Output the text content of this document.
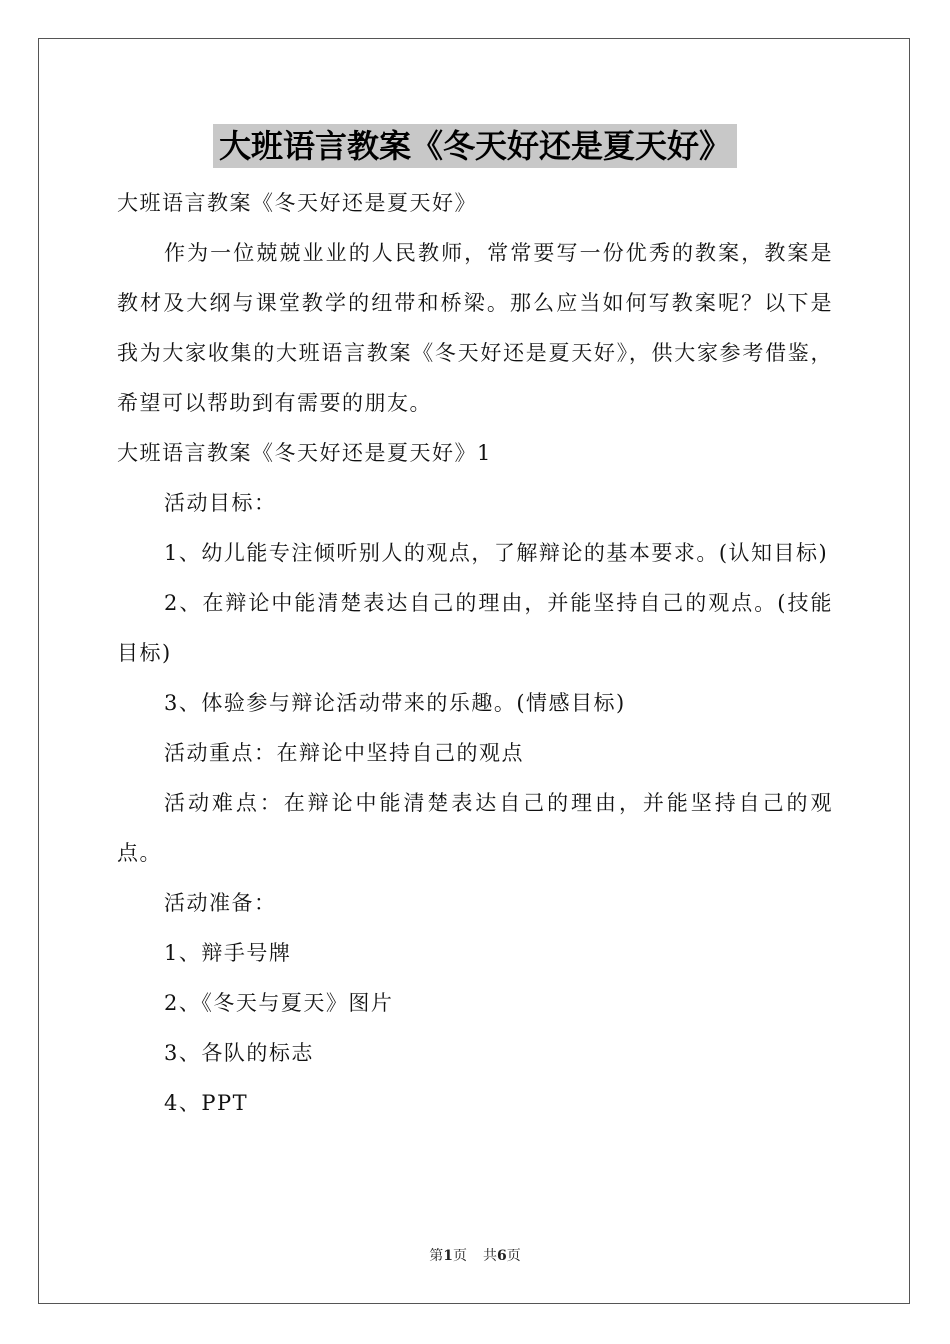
大班语言教案《冬天好还是夏天好》

大班语言教案《冬天好还是夏天好》

作为一位兢兢业业的人民教师，常常要写一份优秀的教案，教案是教材及大纲与课堂教学的纽带和桥梁。那么应当如何写教案呢？以下是我为大家收集的大班语言教案《冬天好还是夏天好》，供大家参考借鉴，希望可以帮助到有需要的朋友。

大班语言教案《冬天好还是夏天好》1

活动目标：

1、幼儿能专注倾听别人的观点，了解辩论的基本要求。(认知目标)

2、在辩论中能清楚表达自己的理由，并能坚持自己的观点。(技能目标)

3、体验参与辩论活动带来的乐趣。(情感目标)

活动重点：在辩论中坚持自己的观点

活动难点：在辩论中能清楚表达自己的理由，并能坚持自己的观点。

活动准备：

1、辩手号牌

2、《冬天与夏天》图片

3、各队的标志

4、PPT

第1页 共6页
